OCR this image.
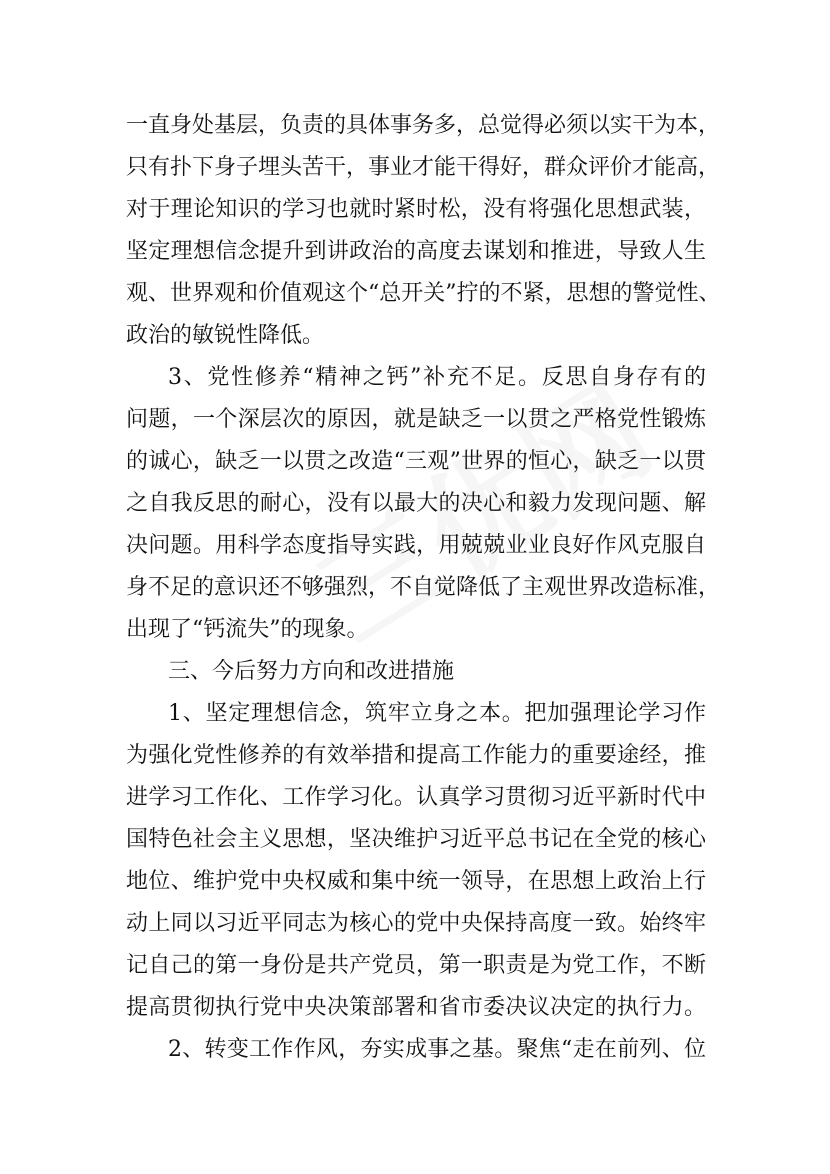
一直身处基层，负责的具体事务多，总觉得必须以实干为本，
只有扑下身子埋头苦干，事业才能干得好，群众评价才能高，
对于理论知识的学习也就时紧时松，没有将强化思想武装，
坚定理想信念提升到讲政治的高度去谋划和推进，导致人生
观、世界观和价值观这个“总开关”拧的不紧，思想的警觉性、
政治的敏锐性降低。
3、党性修养“精神之钙”补充不足。反思自身存有的
问题，一个深层次的原因，就是缺乏一以贯之严格党性锻炼
的诚心，缺乏一以贯之改造“三观”世界的恒心，缺乏一以贯
之自我反思的耐心，没有以最大的决心和毅力发现问题、解
决问题。用科学态度指导实践，用兢兢业业良好作风克服自
身不足的意识还不够强烈，不自觉降低了主观世界改造标准，
出现了“钙流失”的现象。
三、今后努力方向和改进措施
1、坚定理想信念，筑牢立身之本。把加强理论学习作
为强化党性修养的有效举措和提高工作能力的重要途经，推
进学习工作化、工作学习化。认真学习贯彻习近平新时代中
国特色社会主义思想，坚决维护习近平总书记在全党的核心
地位、维护党中央权威和集中统一领导，在思想上政治上行
动上同以习近平同志为核心的党中央保持高度一致。始终牢
记自己的第一身份是共产党员，第一职责是为党工作，不断
提高贯彻执行党中央决策部署和省市委决议决定的执行力。
2、转变工作作风，夯实成事之基。聚焦“走在前列、位
